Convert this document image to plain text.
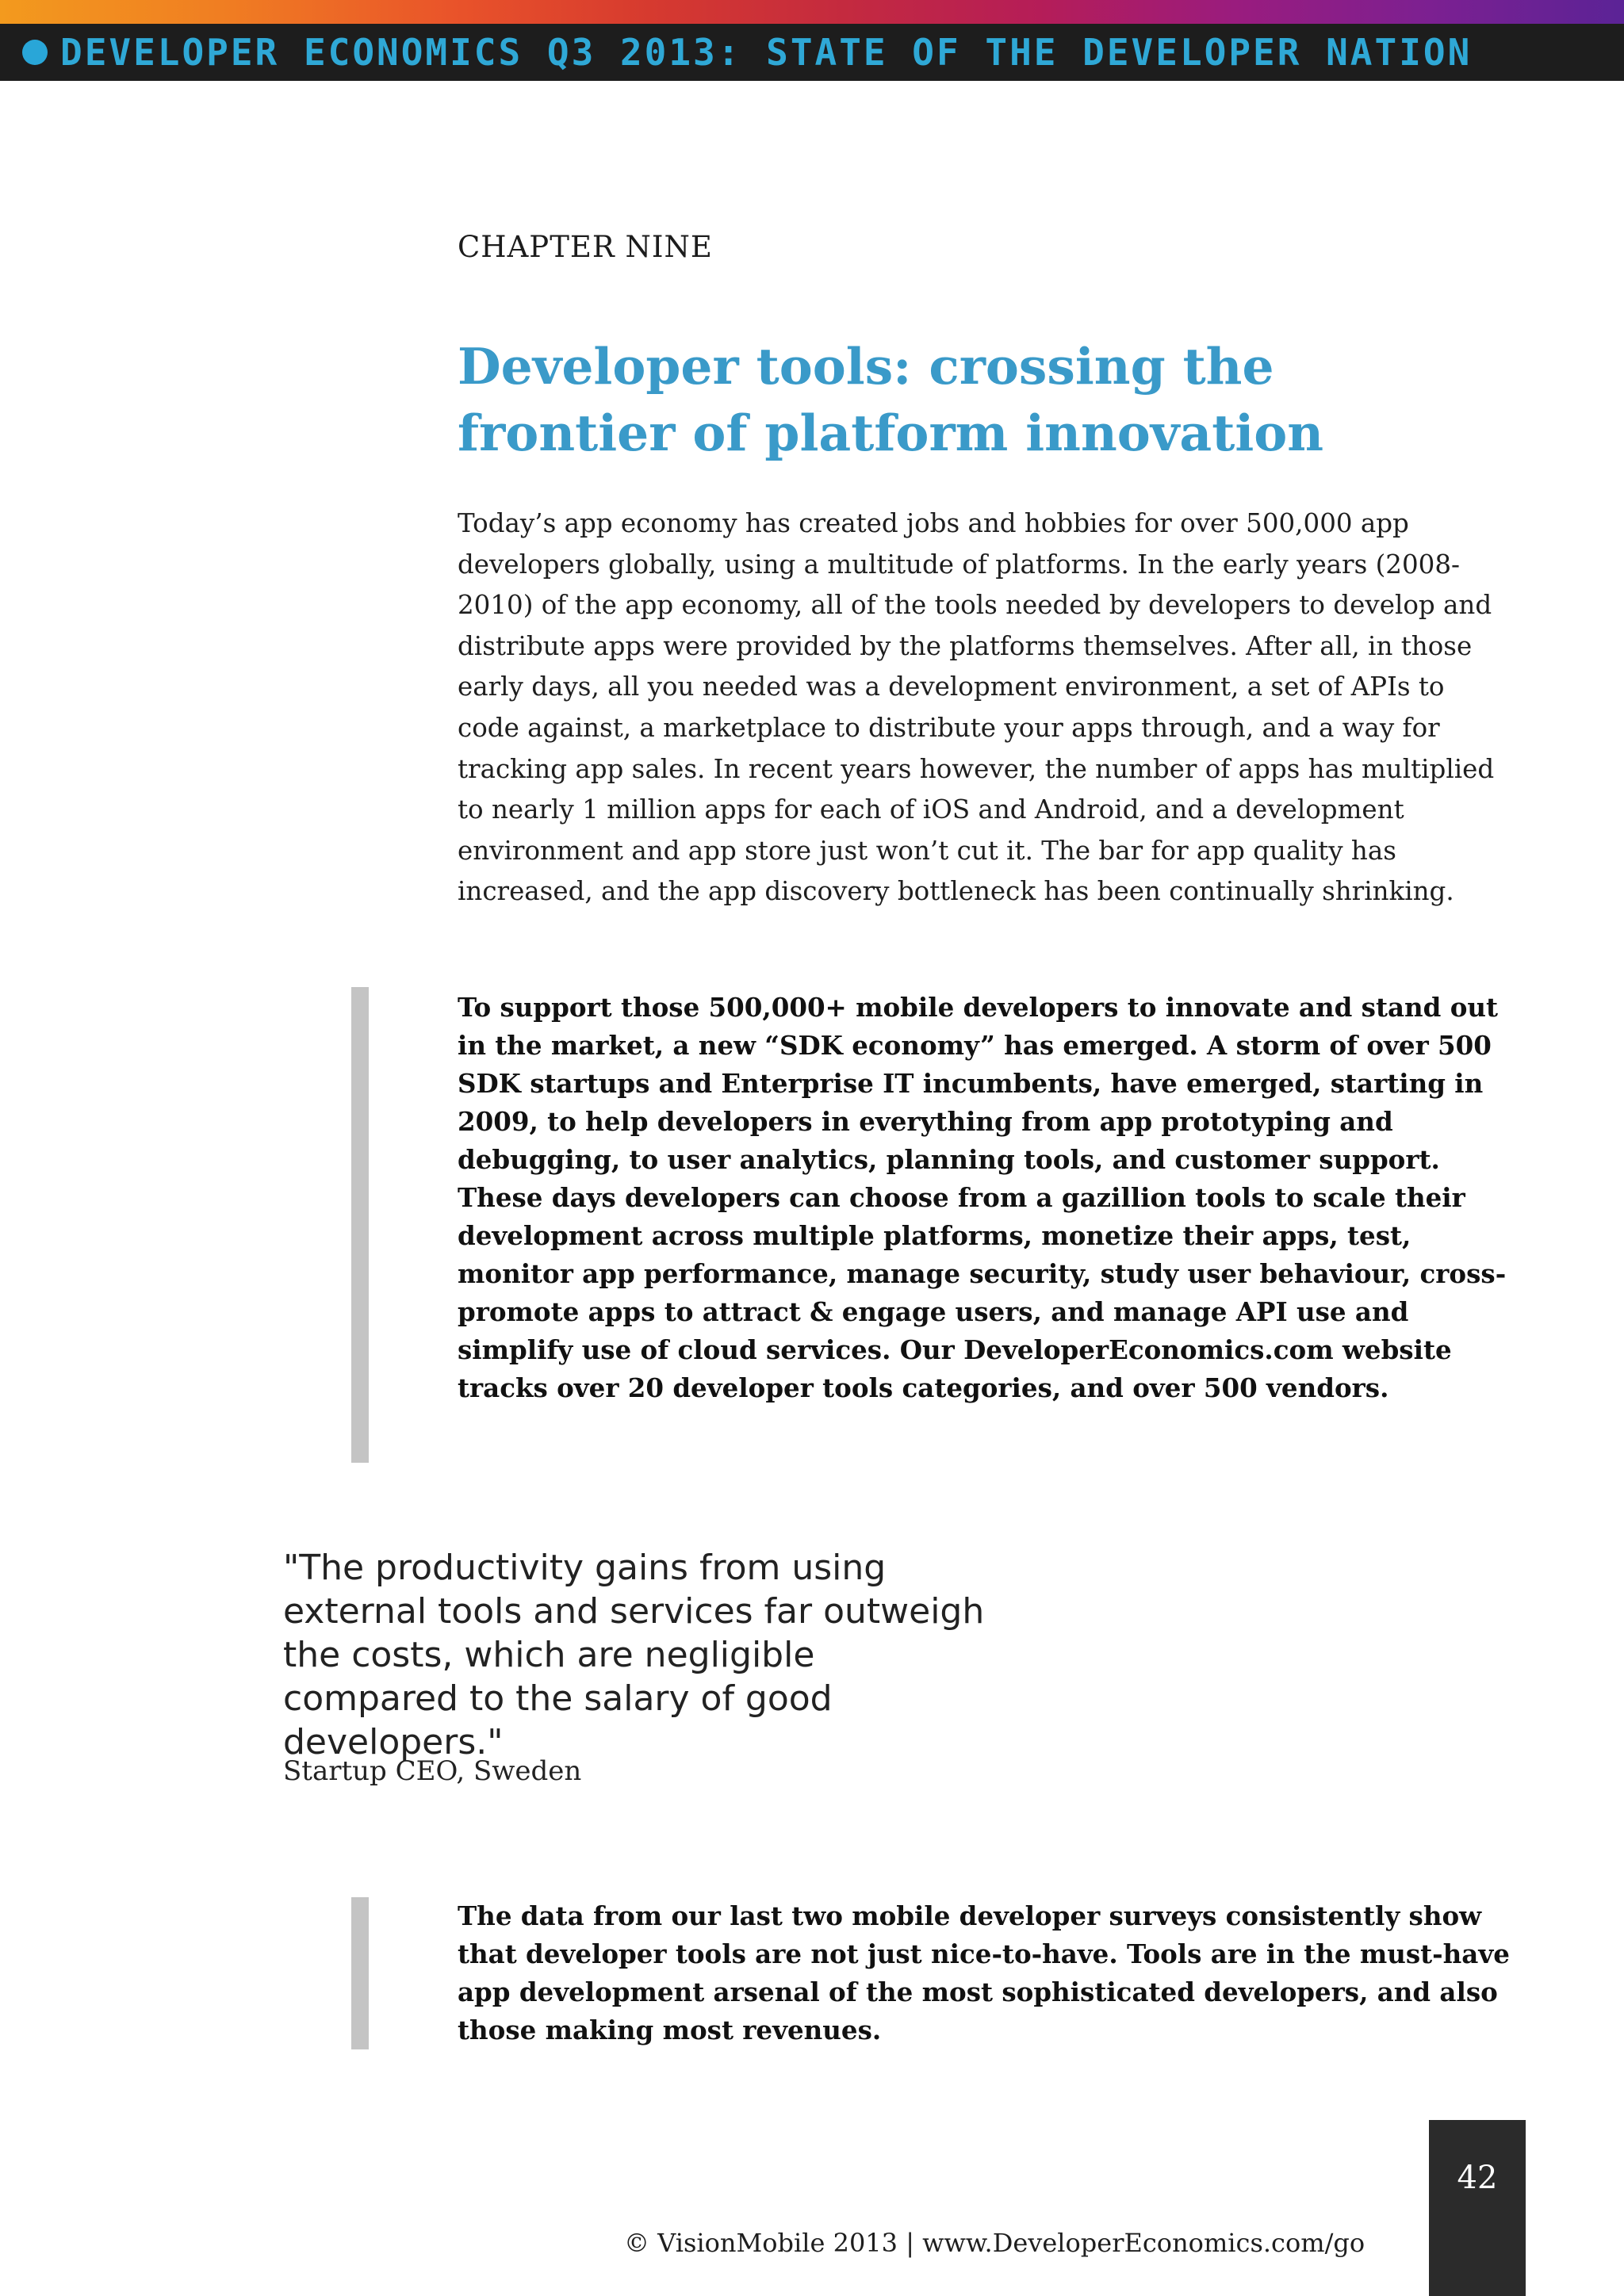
DEVELOPER ECONOMICS Q3 2013: STATE OF THE DEVELOPER NATION
CHAPTER NINE
Developer tools: crossing the frontier of platform innovation

Today’s app economy has created jobs and hobbies for over 500,000 app developers globally, using a multitude of platforms. In the early years (2008-2010) of the app economy, all of the tools needed by developers to develop and distribute apps were provided by the platforms themselves. After all, in those early days, all you needed was a development environment, a set of APIs to code against, a marketplace to distribute your apps through, and a way for tracking app sales. In recent years however, the number of apps has multiplied to nearly 1 million apps for each of iOS and Android, and a development environment and app store just won’t cut it. The bar for app quality has increased, and the app discovery bottleneck has been continually shrinking.

To support those 500,000+ mobile developers to innovate and stand out in the market, a new “SDK economy” has emerged. A storm of over 500 SDK startups and Enterprise IT incumbents, have emerged, starting in 2009, to help developers in everything from app prototyping and debugging, to user analytics, planning tools, and customer support. These days developers can choose from a gazillion tools to scale their development across multiple platforms, monetize their apps, test, monitor app performance, manage security, study user behaviour, cross-promote apps to attract & engage users, and manage API use and simplify use of cloud services. Our DeveloperEconomics.com website tracks over 20 developer tools categories, and over 500 vendors.

"The productivity gains from using external tools and services far outweigh the costs, which are negligible compared to the salary of good developers."

Startup CEO, Sweden

The data from our last two mobile developer surveys consistently show that developer tools are not just nice-to-have. Tools are in the must-have app development arsenal of the most sophisticated developers, and also those making most revenues.

42
© VisionMobile 2013 | www.DeveloperEconomics.com/go
